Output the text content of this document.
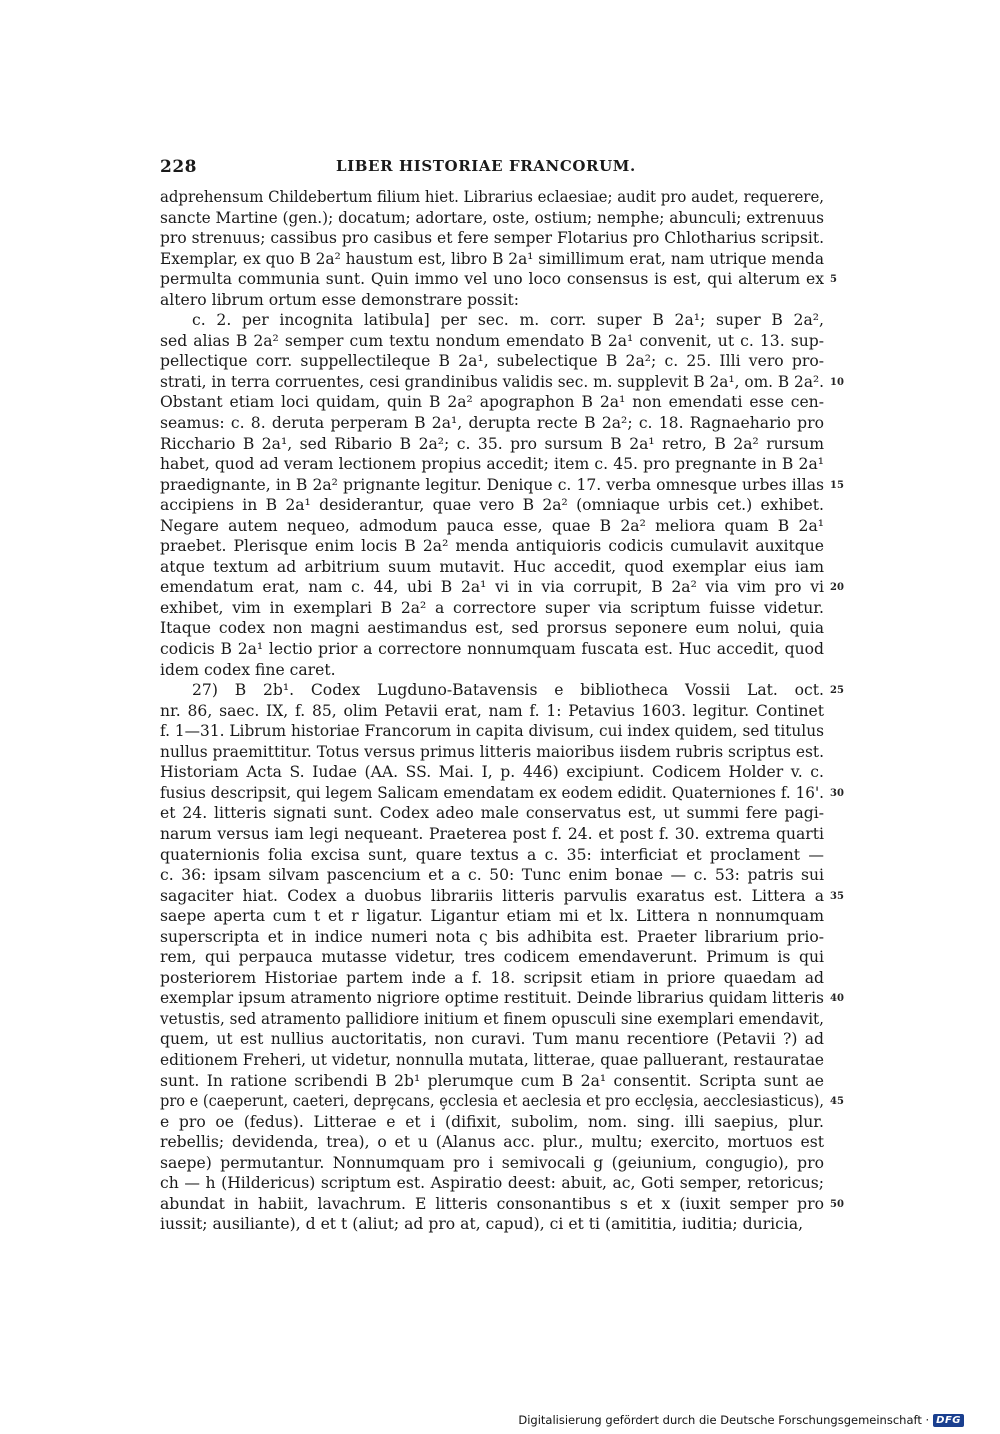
228	LIBER HISTORIAE FRANCORUM.
adprehensum Childebertum filium hiet. Librarius eclaesiae; audit pro audet, requerere,
sancte Martine (gen.); docatum; adortare, oste, ostium; nemphe; abunculi; extrenuus
pro strenuus; cassibus pro casibus et fere semper Flotarius pro Chlotharius scripsit.
Exemplar, ex quo B 2a² haustum est, libro B 2a¹ simillimum erat, nam utrique menda
permulta communia sunt. Quin immo vel uno loco consensus is est, qui alterum ex 5
altero librum ortum esse demonstrare possit:
c. 2. per incognita latibula] per sec. m. corr. super B 2a¹; super B 2a²,
sed alias B 2a² semper cum textu nondum emendato B 2a¹ convenit, ut c. 13. sup-
pellectique corr. suppellectileque B 2a¹, subelectique B 2a²; c. 25. Illi vero pro-
strati, in terra corruentes, cesi grandinibus validis sec. m. supplevit B 2a¹, om. B 2a². 10
Obstant etiam loci quidam, quin B 2a² apographon B 2a¹ non emendati esse cen-
seamus: c. 8. deruta perperam B 2a¹, derupta recte B 2a²; c. 18. Ragnaehario pro
Ricchario B 2a¹, sed Ribario B 2a²; c. 35. pro sursum B 2a¹ retro, B 2a² rursum
habet, quod ad veram lectionem propius accedit; item c. 45. pro pregnante in B 2a¹
praedignante, in B 2a² prignante legitur. Denique c. 17. verba omnesque urbes illas 15
accipiens in B 2a¹ desiderantur, quae vero B 2a² (omniaque urbis cet.) exhibet.
Negare autem nequeo, admodum pauca esse, quae B 2a² meliora quam B 2a¹
praebet. Plerisque enim locis B 2a² menda antiquioris codicis cumulavit auxitque
atque textum ad arbitrium suum mutavit. Huc accedit, quod exemplar eius iam
emendatum erat, nam c. 44, ubi B 2a¹ vi in via corrupit, B 2a² via vim pro vi 20
exhibet, vim in exemplari B 2a² a correctore super via scriptum fuisse videtur.
Itaque codex non magni aestimandus est, sed prorsus seponere eum nolui, quia
codicis B 2a¹ lectio prior a correctore nonnumquam fuscata est. Huc accedit, quod
idem codex fine caret.
27) B 2b¹. Codex Lugduno-Batavensis e bibliotheca Vossii Lat. oct. 25
nr. 86, saec. IX, f. 85, olim Petavii erat, nam f. 1: Petavius 1603. legitur. Continet
f. 1—31. Librum historiae Francorum in capita divisum, cui index quidem, sed titulus
nullus praemittitur. Totus versus primus litteris maioribus iisdem rubris scriptus est.
Historiam Acta S. Iudae (AA. SS. Mai. I, p. 446) excipiunt. Codicem Holder v. c.
fusius descripsit, qui legem Salicam emendatam ex eodem edidit. Quaterniones f. 16'. 30
et 24. litteris signati sunt. Codex adeo male conservatus est, ut summi fere pagi-
narum versus iam legi nequeant. Praeterea post f. 24. et post f. 30. extrema quarti
quaternionis folia excisa sunt, quare textus a c. 35: interficiat et proclament —
c. 36: ipsam silvam pascencium et a c. 50: Tunc enim bonae — c. 53: patris sui
sagaciter hiat. Codex a duobus librariis litteris parvulis exaratus est. Littera a 35
saepe aperta cum t et r ligatur. Ligantur etiam mi et lx. Littera n nonnumquam
superscripta et in indice numeri nota ς bis adhibita est. Praeter librarium prio-
rem, qui perpauca mutasse videtur, tres codicem emendaverunt. Primum is qui
posteriorem Historiae partem inde a f. 18. scripsit etiam in priore quaedam ad
exemplar ipsum atramento nigriore optime restituit. Deinde librarius quidam litteris 40
vetustis, sed atramento pallidiore initium et finem opusculi sine exemplari emendavit,
quem, ut est nullius auctoritatis, non curavi. Tum manu recentiore (Petavii ?) ad
editionem Freheri, ut videtur, nonnulla mutata, litterae, quae palluerant, restauratae
sunt. In ratione scribendi B 2b¹ plerumque cum B 2a¹ consentit. Scripta sunt ae
pro e (caeperunt, caeteri, deprȩcans, ȩcclesia et aeclesia et pro ecclȩsia, aecclesiasticus), 45
e pro oe (fedus). Litterae e et i (difixit, subolim, nom. sing. illi saepius, plur.
rebellis; devidenda, trea), o et u (Alanus acc. plur., multu; exercito, mortuos est
saepe) permutantur. Nonnumquam pro i semivocali g (geiunium, congugio), pro
ch — h (Hildericus) scriptum est. Aspiratio deest: abuit, ac, Goti semper, retoricus;
abundat in habiit, lavachrum. E litteris consonantibus s et x (iuxit semper pro 50
iussit; ausiliante), d et t (aliut; ad pro at, capud), ci et ti (amititia, iuditia; duricia,
Digitalisierung gefördert durch die Deutsche Forschungsgemeinschaft · DFG
